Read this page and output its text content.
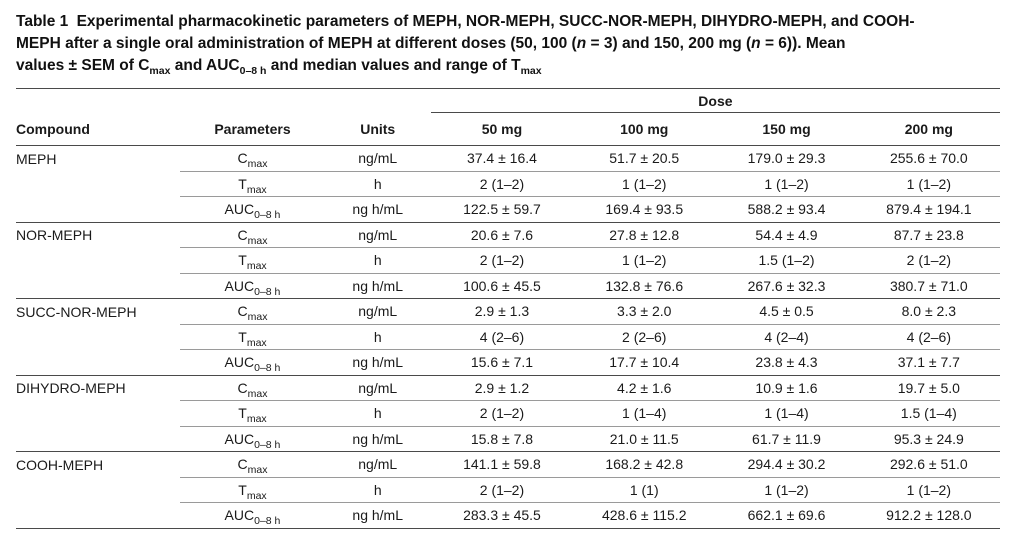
Table 1 Experimental pharmacokinetic parameters of MEPH, NOR-MEPH, SUCC-NOR-MEPH, DIHYDRO-MEPH, and COOH-
MEPH after a single oral administration of MEPH at different doses (50, 100 (n = 3) and 150, 200 mg (n = 6)). Mean
values ± SEM of $C_{max}$ and $AUC_{0-8 h}$ and median values and range of $T_{max}$
			Dose			
Compound	Parameters	Units	50 mg	100 mg	150 mg	200 mg
MEPH	$C_{max}$	ng/mL	37.4 ± 16.4	51.7 ± 20.5	179.0 ± 29.3	255.6 ± 70.0
	$T_{max}$	h	2 (1–2)	1 (1–2)	1 (1–2)	1 (1–2)
	$AUC_{0-8 h}$	ng h/mL	122.5 ± 59.7	169.4 ± 93.5	588.2 ± 93.4	879.4 ± 194.1
NOR-MEPH	$C_{max}$	ng/mL	20.6 ± 7.6	27.8 ± 12.8	54.4 ± 4.9	87.7 ± 23.8
	$T_{max}$	h	2 (1–2)	1 (1–2)	1.5 (1–2)	2 (1–2)
	$AUC_{0-8 h}$	ng h/mL	100.6 ± 45.5	132.8 ± 76.6	267.6 ± 32.3	380.7 ± 71.0
SUCC-NOR-MEPH	$C_{max}$	ng/mL	2.9 ± 1.3	3.3 ± 2.0	4.5 ± 0.5	8.0 ± 2.3
	$T_{max}$	h	4 (2–6)	2 (2–6)	4 (2–4)	4 (2–6)
	$AUC_{0-8 h}$	ng h/mL	15.6 ± 7.1	17.7 ± 10.4	23.8 ± 4.3	37.1 ± 7.7
DIHYDRO-MEPH	$C_{max}$	ng/mL	2.9 ± 1.2	4.2 ± 1.6	10.9 ± 1.6	19.7 ± 5.0
	$T_{max}$	h	2 (1–2)	1 (1–4)	1 (1–4)	1.5 (1–4)
	$AUC_{0-8 h}$	ng h/mL	15.8 ± 7.8	21.0 ± 11.5	61.7 ± 11.9	95.3 ± 24.9
COOH-MEPH	$C_{max}$	ng/mL	141.1 ± 59.8	168.2 ± 42.8	294.4 ± 30.2	292.6 ± 51.0
	$T_{max}$	h	2 (1–2)	1 (1)	1 (1–2)	1 (1–2)
	$AUC_{0-8 h}$	ng h/mL	283.3 ± 45.5	428.6 ± 115.2	662.1 ± 69.6	912.2 ± 128.0
